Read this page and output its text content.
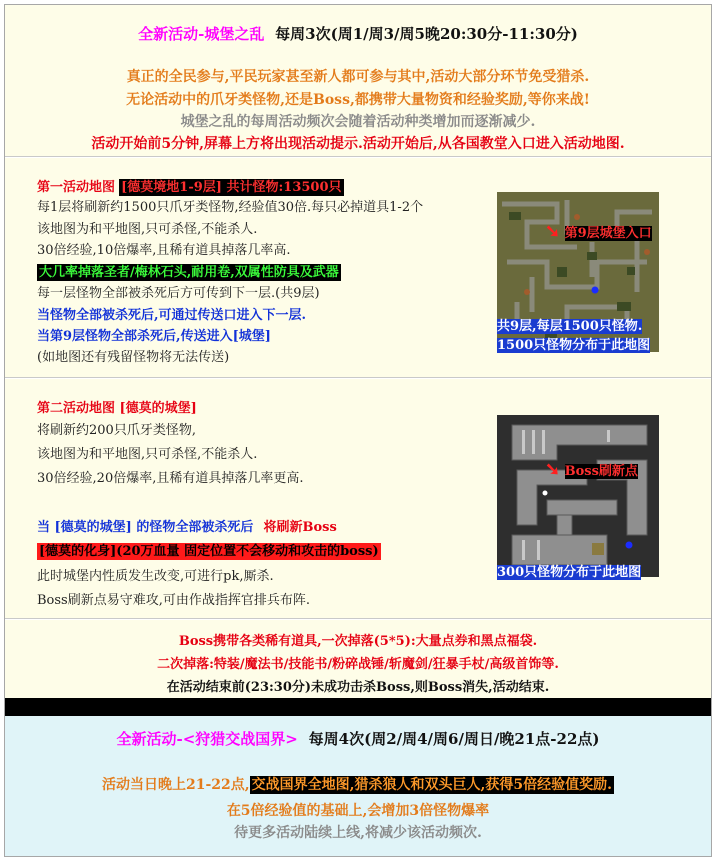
全新活动-城堡之乱 每周3次(周1/周3/周5晚20:30分-11:30分)
真正的全民参与,平民玩家甚至新人都可参与其中,活动大部分环节免受猎杀.
无论活动中的爪牙类怪物,还是Boss,都携带大量物资和经验奖励,等你来战!
城堡之乱的每周活动频次会随着活动种类增加而逐渐减少.
活动开始前5分钟,屏幕上方将出现活动提示.活动开始后,从各国教堂入口进入活动地图.
第一活动地图 [德莫境地1-9层] 共计怪物:13500只
每1层将刷新约1500只爪牙类怪物,经验值30倍.每只必掉道具1-2个
该地图为和平地图,只可杀怪,不能杀人.
30倍经验,10倍爆率,且稀有道具掉落几率高.
大几率掉落圣者/梅林石头,耐用卷,双属性防具及武器
每一层怪物全部被杀死后方可传到下一层.(共9层)
当怪物全部被杀死后,可通过传送口进入下一层.
当第9层怪物全部杀死后,传送进入[城堡]
(如地图还有残留怪物将无法传送)
➘ 第9层城堡入口
共9层,每层1500只怪物.
1500只怪物分布于此地图
第二活动地图 [德莫的城堡]
将刷新约200只爪牙类怪物,
该地图为和平地图,只可杀怪,不能杀人.
30倍经验,20倍爆率,且稀有道具掉落几率更高.
当 [德莫的城堡] 的怪物全部被杀死后 将刷新Boss
[德莫的化身](20万血量 固定位置不会移动和攻击的boss)
此时城堡内性质发生改变,可进行pk,厮杀.
Boss刷新点易守难攻,可由作战指挥官排兵布阵.
➘ Boss刷新点
300只怪物分布于此地图
Boss携带各类稀有道具,一次掉落(5*5):大量点券和黑点福袋.
二次掉落:特装/魔法书/技能书/粉碎战锤/斩魔剑/狂暴手杖/高级首饰等.
在活动结束前(23:30分)未成功击杀Boss,则Boss消失,活动结束.
全新活动-<狩猎交战国界> 每周4次(周2/周4/周6/周日/晚21点-22点)
活动当日晚上21-22点, 交战国界全地图,猎杀狼人和双头巨人,获得5倍经验值奖励.
在5倍经验值的基础上,会增加3倍怪物爆率
待更多活动陆续上线,将减少该活动频次.
